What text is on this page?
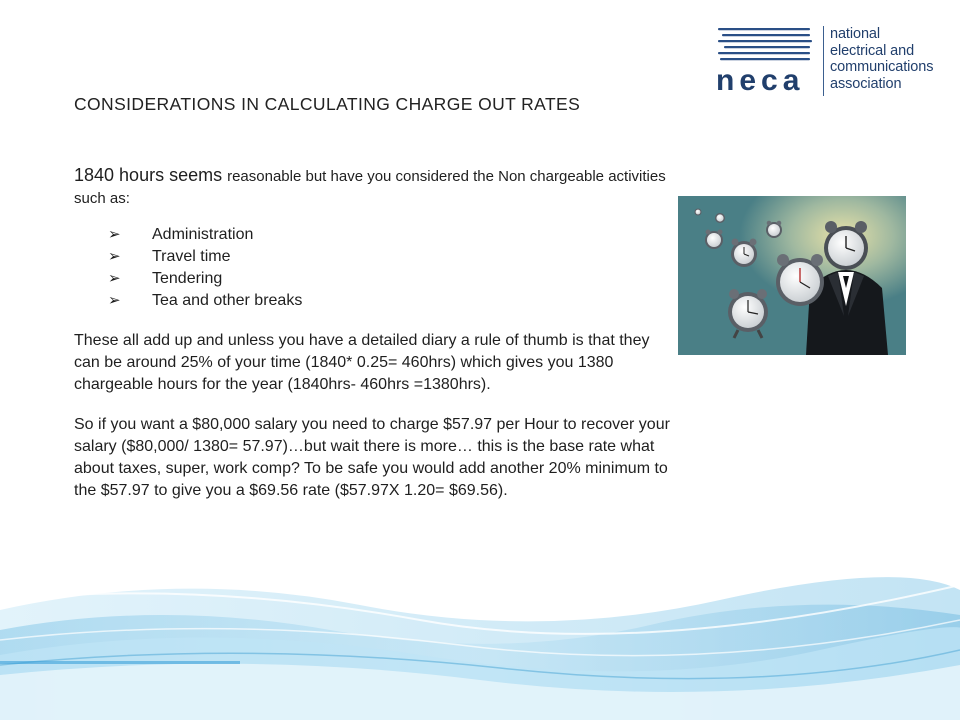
neca
national
electrical and
communications
association
CONSIDERATIONS IN CALCULATING CHARGE OUT RATES
1840 hours seems reasonable but have you considered the Non chargeable activities such as:
➢ Administration
➢ Travel time
➢ Tendering
➢ Tea and other breaks

These all add up and unless you have a detailed diary a rule of thumb is that they can be around 25% of your time (1840* 0.25= 460hrs) which gives you 1380 chargeable hours for the year (1840hrs- 460hrs =1380hrs).

So if you want a $80,000 salary you need to charge $57.97 per Hour to recover your salary ($80,000/ 1380= 57.97)…but wait there is more… this is the base rate what about taxes, super, work comp? To be safe you would add another 20% minimum to the $57.97 to give you a $69.56 rate ($57.97X 1.20= $69.56).
